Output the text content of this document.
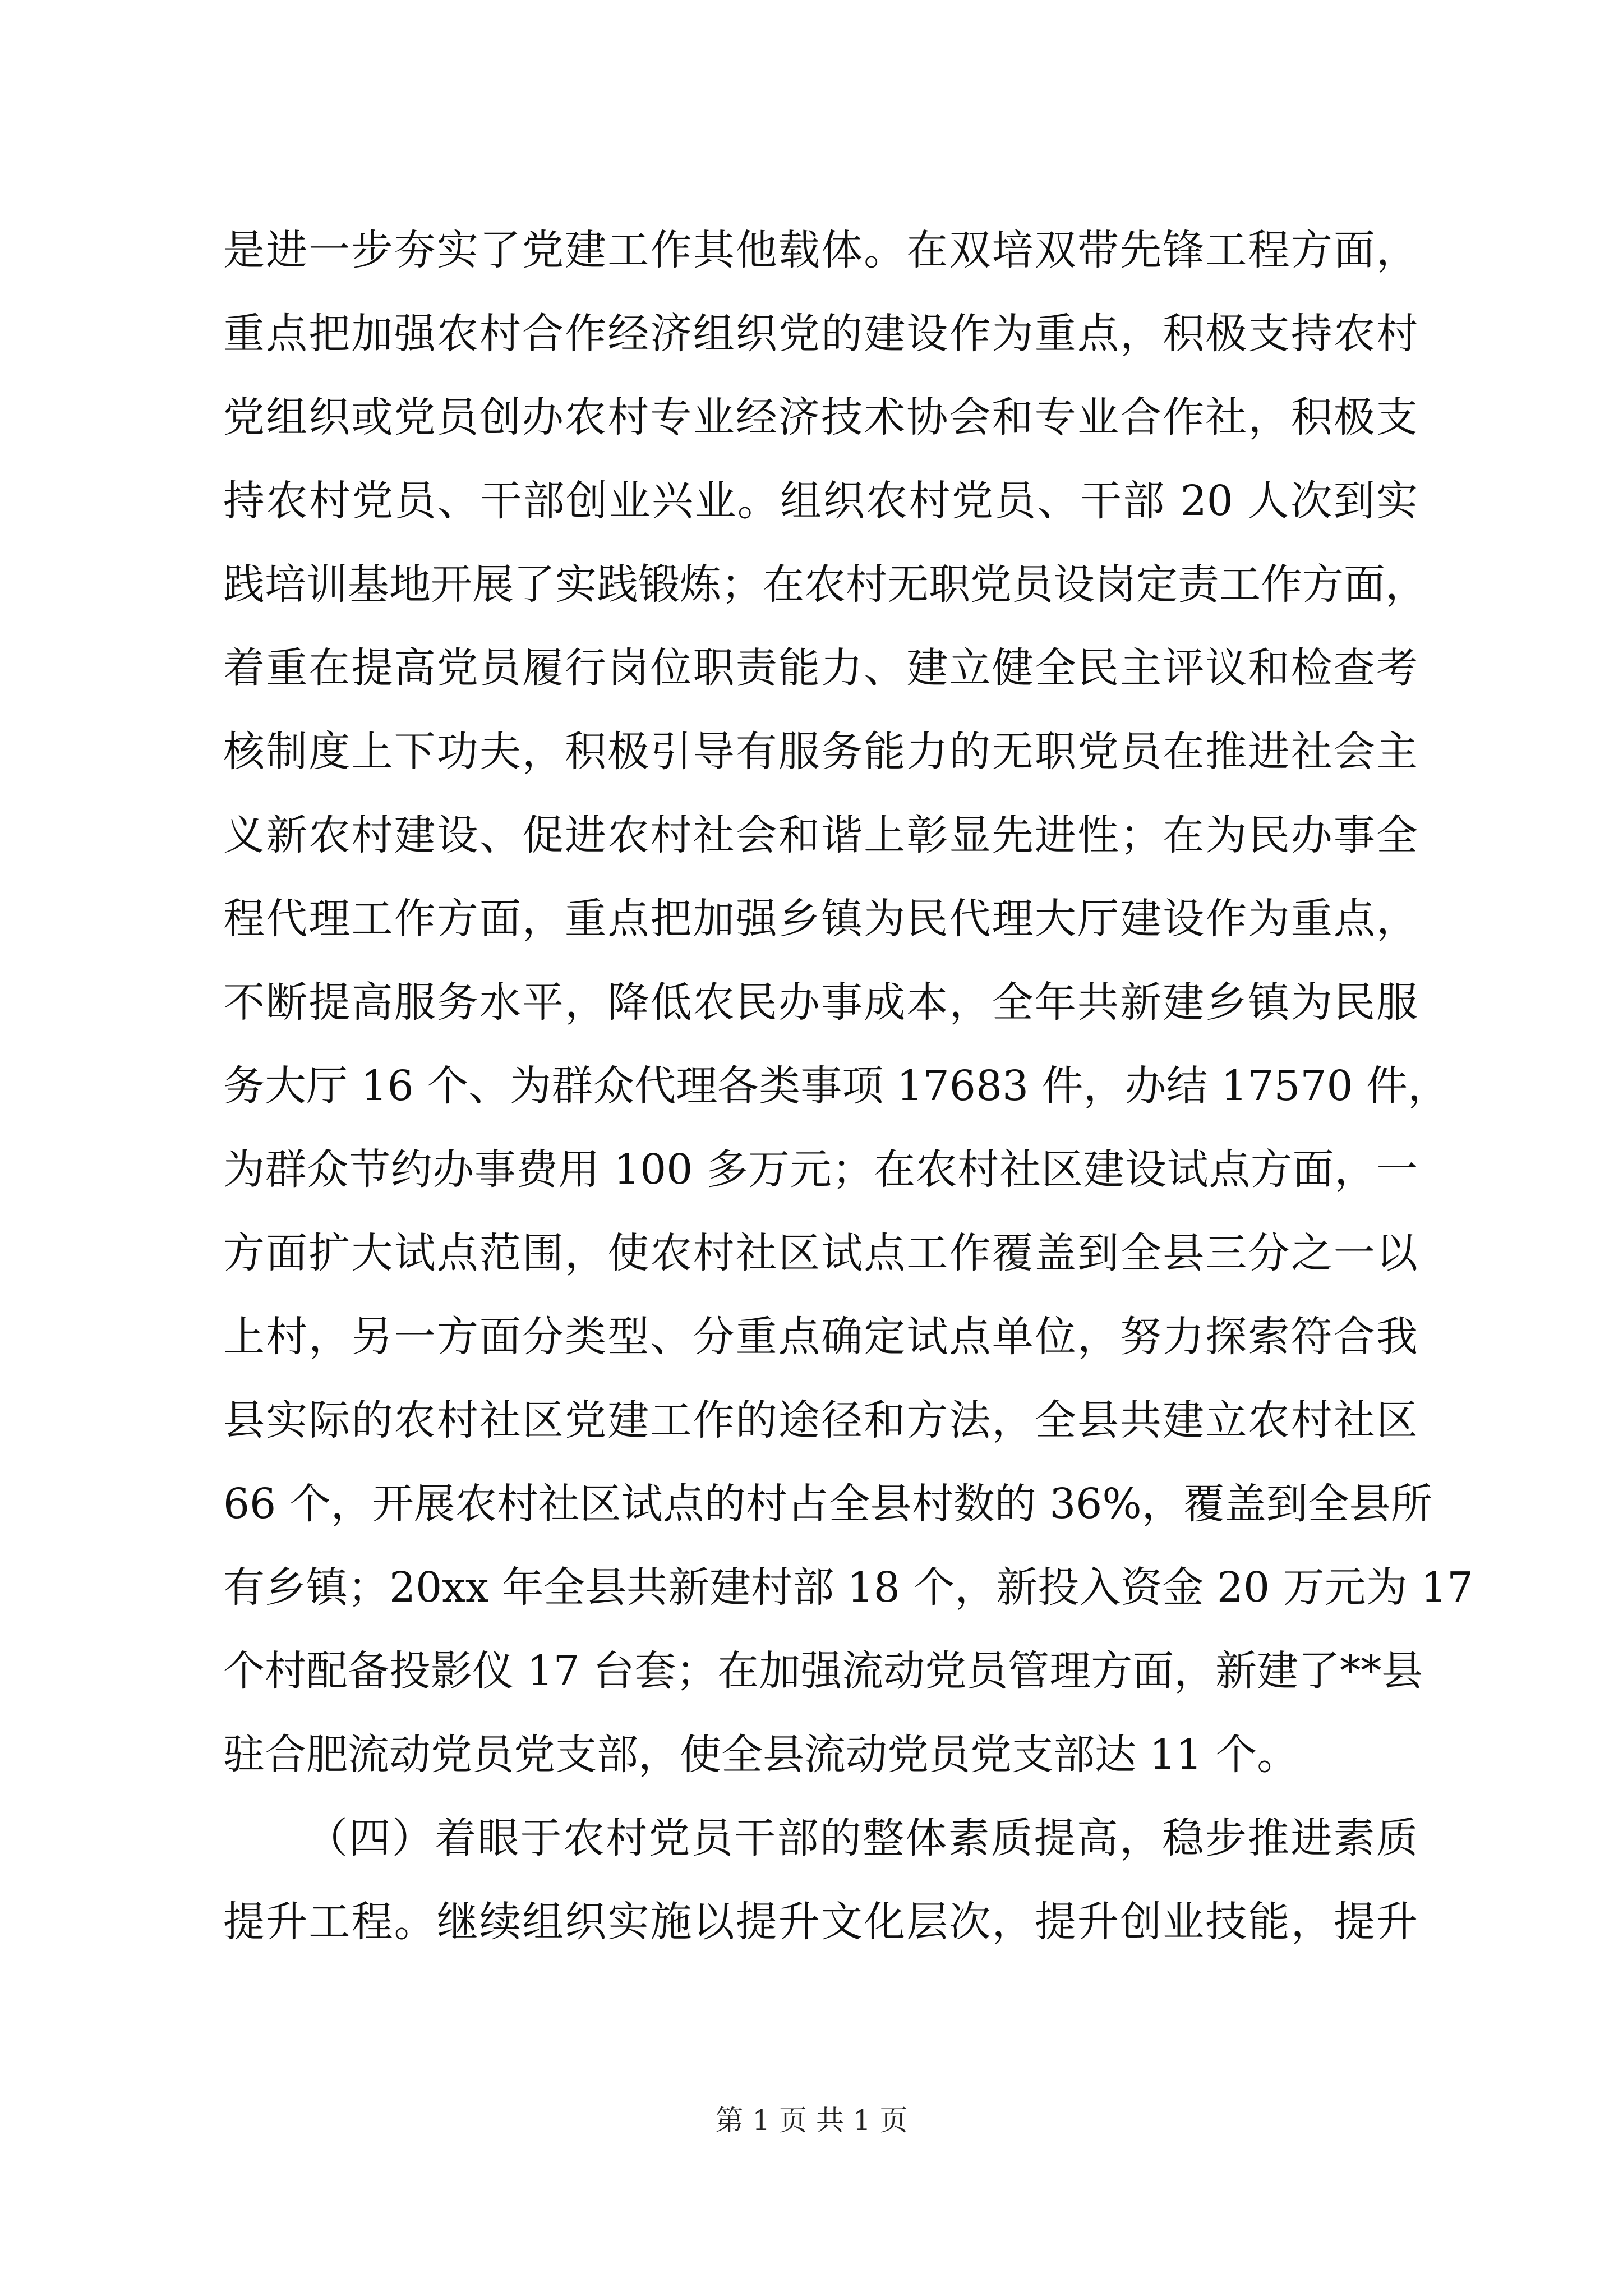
是进一步夯实了党建工作其他载体。在双培双带先锋工程方面，
重点把加强农村合作经济组织党的建设作为重点，积极支持农村
党组织或党员创办农村专业经济技术协会和专业合作社，积极支
持农村党员、干部创业兴业。组织农村党员、干部 20 人次到实
践培训基地开展了实践锻炼；在农村无职党员设岗定责工作方面，
着重在提高党员履行岗位职责能力、建立健全民主评议和检查考
核制度上下功夫，积极引导有服务能力的无职党员在推进社会主
义新农村建设、促进农村社会和谐上彰显先进性；在为民办事全
程代理工作方面，重点把加强乡镇为民代理大厅建设作为重点，
不断提高服务水平，降低农民办事成本，全年共新建乡镇为民服
务大厅 16 个、为群众代理各类事项 17683 件，办结 17570 件，
为群众节约办事费用 100 多万元；在农村社区建设试点方面，一
方面扩大试点范围，使农村社区试点工作覆盖到全县三分之一以
上村，另一方面分类型、分重点确定试点单位，努力探索符合我
县实际的农村社区党建工作的途径和方法，全县共建立农村社区
66 个，开展农村社区试点的村占全县村数的 36%，覆盖到全县所
有乡镇；20xx 年全县共新建村部 18 个，新投入资金 20 万元为 17
个村配备投影仪 17 台套；在加强流动党员管理方面，新建了**县
驻合肥流动党员党支部，使全县流动党员党支部达 11 个。
（四）着眼于农村党员干部的整体素质提高，稳步推进素质
提升工程。继续组织实施以提升文化层次，提升创业技能，提升
第 1 页 共 1 页
